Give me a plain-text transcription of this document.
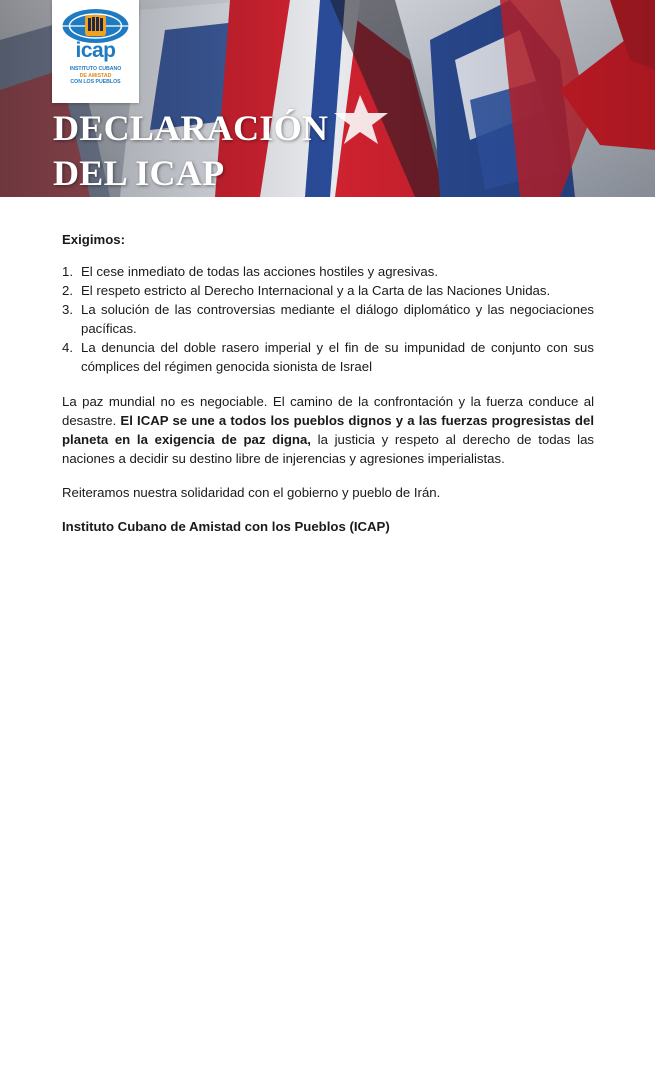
icap
INSTITUTO CUBANO
DE AMISTAD
CON LOS PUEBLOS
DECLARACIÓN
DEL ICAP

Exigimos:

1. El cese inmediato de todas las acciones hostiles y agresivas.
2. El respeto estricto al Derecho Internacional y a la Carta de las Naciones Unidas.
3. La solución de las controversias mediante el diálogo diplomático y las negociaciones pacíficas.
4. La denuncia del doble rasero imperial y el fin de su impunidad de conjunto con sus cómplices del régimen genocida sionista de Israel

La paz mundial no es negociable. El camino de la confrontación y la fuerza conduce al desastre. El ICAP se une a todos los pueblos dignos y a las fuerzas progresistas del planeta en la exigencia de paz digna, la justicia y respeto al derecho de todas las naciones a decidir su destino libre de injerencias y agresiones imperialistas.

Reiteramos nuestra solidaridad con el gobierno y pueblo de Irán.

Instituto Cubano de Amistad con los Pueblos (ICAP)
